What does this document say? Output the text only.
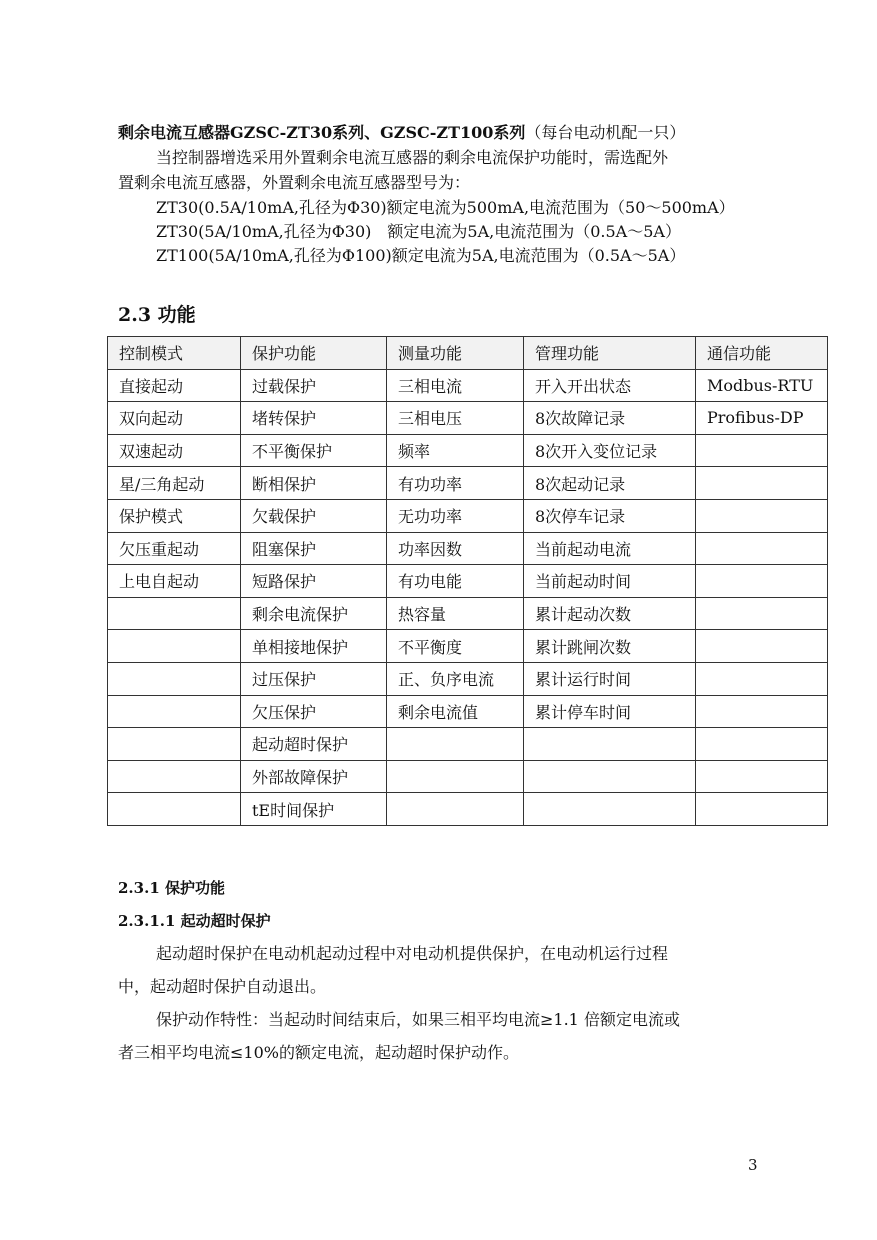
剩余电流互感器GZSC-ZT30系列、GZSC-ZT100系列（每台电动机配一只）
当控制器增选采用外置剩余电流互感器的剩余电流保护功能时，需选配外
置剩余电流互感器，外置剩余电流互感器型号为：
ZT30(0.5A/10mA,孔径为Φ30)额定电流为500mA,电流范围为（50～500mA）
ZT30(5A/10mA,孔径为Φ30)　额定电流为5A,电流范围为（0.5A～5A）
ZT100(5A/10mA,孔径为Φ100)额定电流为5A,电流范围为（0.5A～5A）
2.3 功能
控制模式	保护功能	测量功能	管理功能	通信功能
直接起动	过载保护	三相电流	开入开出状态	Modbus-RTU
双向起动	堵转保护	三相电压	8次故障记录	Profibus-DP
双速起动	不平衡保护	频率	8次开入变位记录	
星/三角起动	断相保护	有功功率	8次起动记录	
保护模式	欠载保护	无功功率	8次停车记录	
欠压重起动	阻塞保护	功率因数	当前起动电流	
上电自起动	短路保护	有功电能	当前起动时间	
	剩余电流保护	热容量	累计起动次数	
	单相接地保护	不平衡度	累计跳闸次数	
	过压保护	正、负序电流	累计运行时间	
	欠压保护	剩余电流值	累计停车时间	
	起动超时保护			
	外部故障保护			
	tE时间保护			
2.3.1 保护功能
2.3.1.1 起动超时保护
起动超时保护在电动机起动过程中对电动机提供保护，在电动机运行过程
中，起动超时保护自动退出。
保护动作特性：当起动时间结束后，如果三相平均电流≥1.1 倍额定电流或
者三相平均电流≤10%的额定电流，起动超时保护动作。
3
